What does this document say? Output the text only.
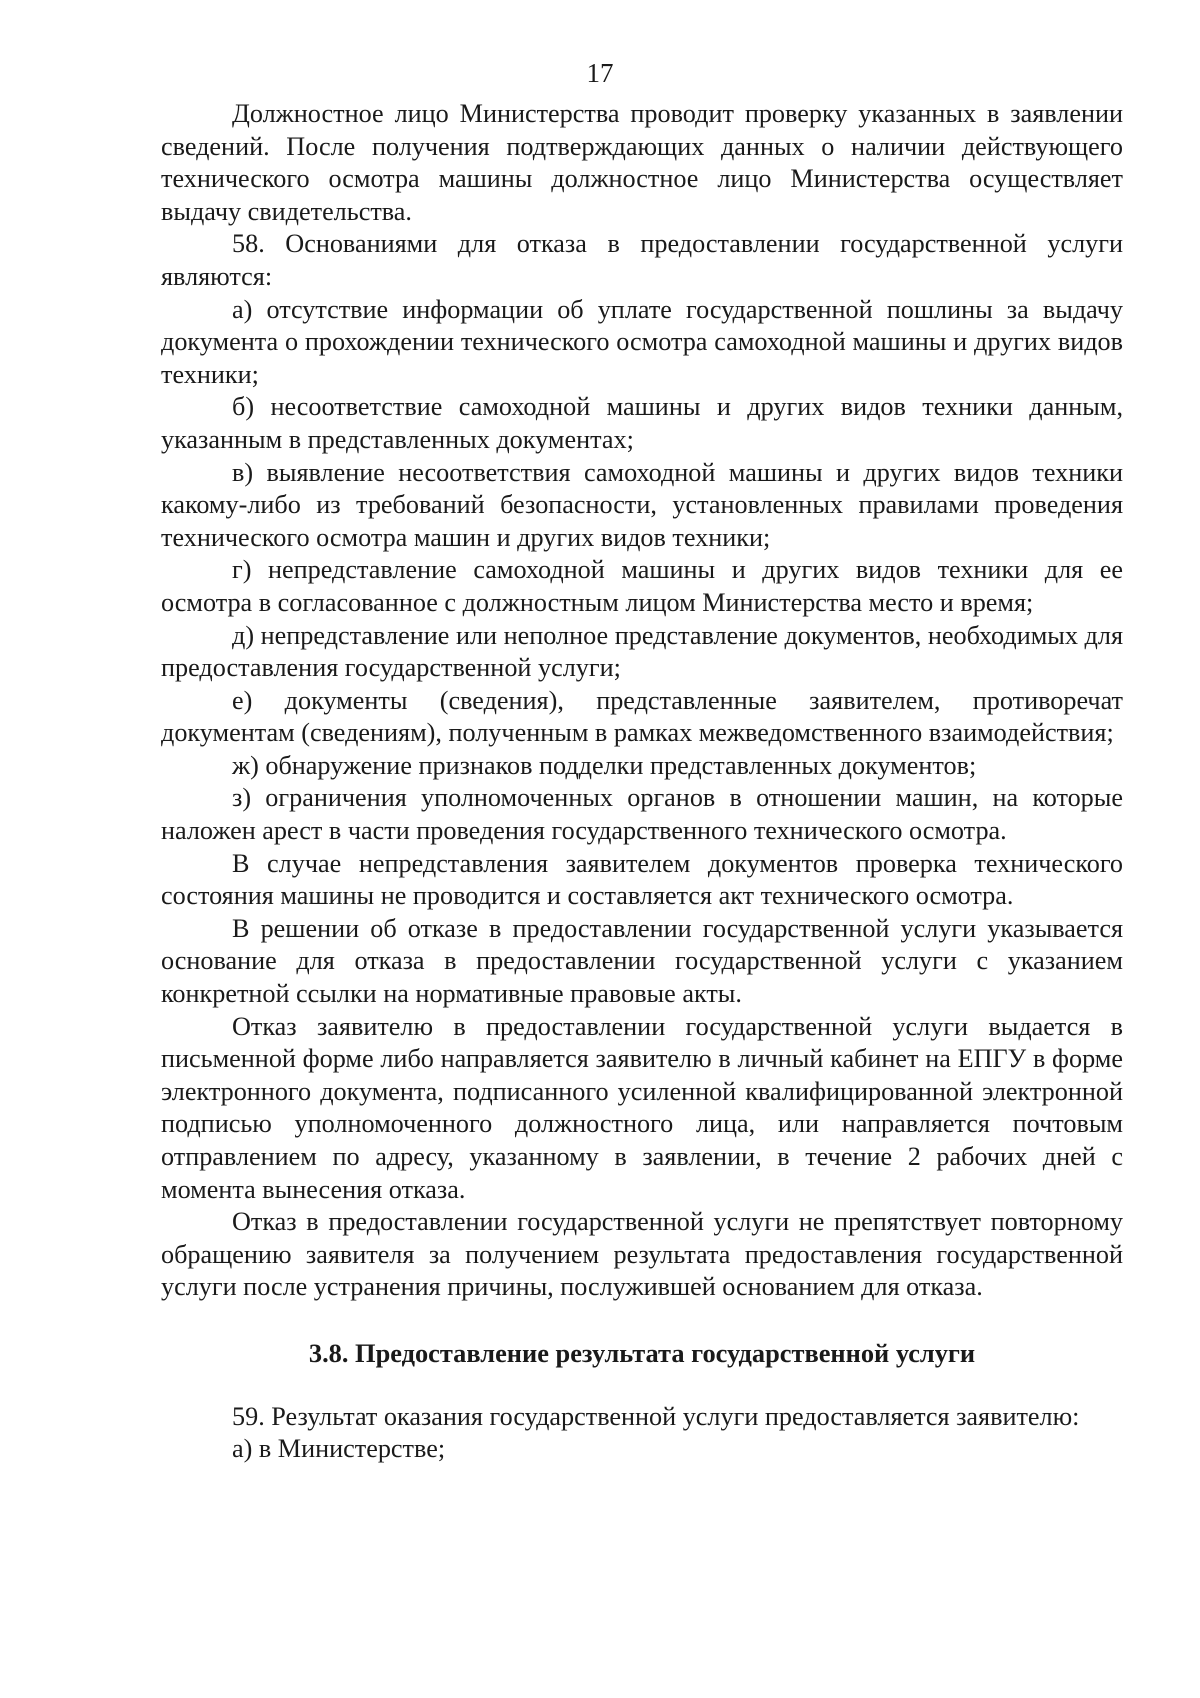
17

Должностное лицо Министерства проводит проверку указанных в заявлении сведений. После получения подтверждающих данных о наличии действующего технического осмотра машины должностное лицо Министерства осуществляет выдачу свидетельства.

58. Основаниями для отказа в предоставлении государственной услуги являются:

а) отсутствие информации об уплате государственной пошлины за выдачу документа о прохождении технического осмотра самоходной машины и других видов техники;

б) несоответствие самоходной машины и других видов техники данным, указанным в представленных документах;

в) выявление несоответствия самоходной машины и других видов техники какому-либо из требований безопасности, установленных правилами проведения технического осмотра машин и других видов техники;

г) непредставление самоходной машины и других видов техники для ее осмотра в согласованное с должностным лицом Министерства место и время;

д) непредставление или неполное представление документов, необходимых для предоставления государственной услуги;

е) документы (сведения), представленные заявителем, противоречат документам (сведениям), полученным в рамках межведомственного взаимодействия;

ж) обнаружение признаков подделки представленных документов;

з) ограничения уполномоченных органов в отношении машин, на которые наложен арест в части проведения государственного технического осмотра.

В случае непредставления заявителем документов проверка технического состояния машины не проводится и составляется акт технического осмотра.

В решении об отказе в предоставлении государственной услуги указывается основание для отказа в предоставлении государственной услуги с указанием конкретной ссылки на нормативные правовые акты.

Отказ заявителю в предоставлении государственной услуги выдается в письменной форме либо направляется заявителю в личный кабинет на ЕПГУ в форме электронного документа, подписанного усиленной квалифицированной электронной подписью уполномоченного должностного лица, или направляется почтовым отправлением по адресу, указанному в заявлении, в течение 2 рабочих дней с момента вынесения отказа.

Отказ в предоставлении государственной услуги не препятствует повторному обращению заявителя за получением результата предоставления государственной услуги после устранения причины, послужившей основанием для отказа.

3.8. Предоставление результата государственной услуги

59. Результат оказания государственной услуги предоставляется заявителю:

а) в Министерстве;
